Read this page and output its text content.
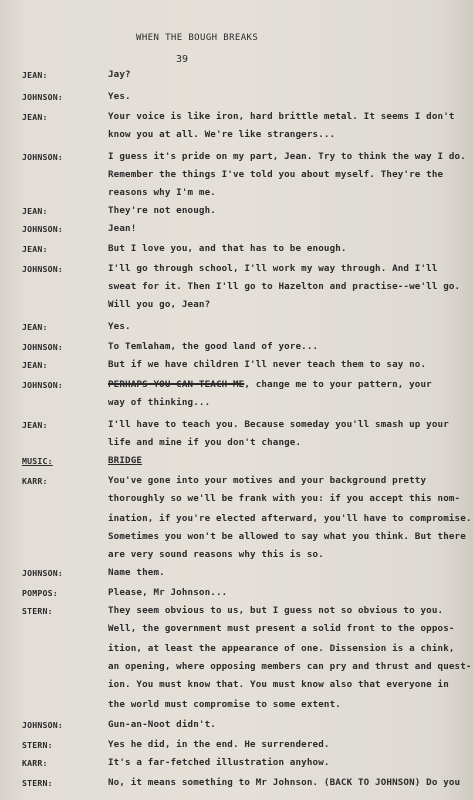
WHEN THE BOUGH BREAKS
39
JEAN:	Jay?
JOHNSON:	Yes.
JEAN:	Your voice is like iron, hard brittle metal. It seems I don't
know you at all. We're like strangers...
JOHNSON:	I guess it's pride on my part, Jean. Try to think the way I do.
Remember the things I've told you about myself. They're the
reasons why I'm me.
JEAN:	They're not enough.
JOHNSON:	Jean!
JEAN:	But I love you, and that has to be enough.
JOHNSON:	I'll go through school, I'll work my way through. And I'll
sweat for it. Then I'll go to Hazelton and practise--we'll go.
Will you go, Jean?
JEAN:	Yes.
JOHNSON:	To Temlaham, the good land of yore...
JEAN:	But if we have children I'll never teach them to say no.
JOHNSON:	PERHAPS YOU CAN TEACH ME, change me to your pattern, your
way of thinking...
JEAN:	I'll have to teach you. Because someday you'll smash up your
life and mine if you don't change.
MUSIC:	BRIDGE
KARR:	You've gone into your motives and your background pretty
thoroughly so we'll be frank with you: if you accept this nom-
ination, if you're elected afterward, you'll have to compromise.
Sometimes you won't be allowed to say what you think. But there
are very sound reasons why this is so.
JOHNSON:	Name them.
POMPOS:	Please, Mr Johnson...
STERN:	They seem obvious to us, but I guess not so obvious to you.
Well, the government must present a solid front to the oppos-
ition, at least the appearance of one. Dissension is a chink,
an opening, where opposing members can pry and thrust and quest-
ion. You must know that. You must know also that everyone in
the world must compromise to some extent.
JOHNSON:	Gun-an-Noot didn't.
STERN:	Yes he did, in the end. He surrendered.
KARR:	It's a far-fetched illustration anyhow.
STERN:	No, it means something to Mr Johnson. (BACK TO JOHNSON) Do you
